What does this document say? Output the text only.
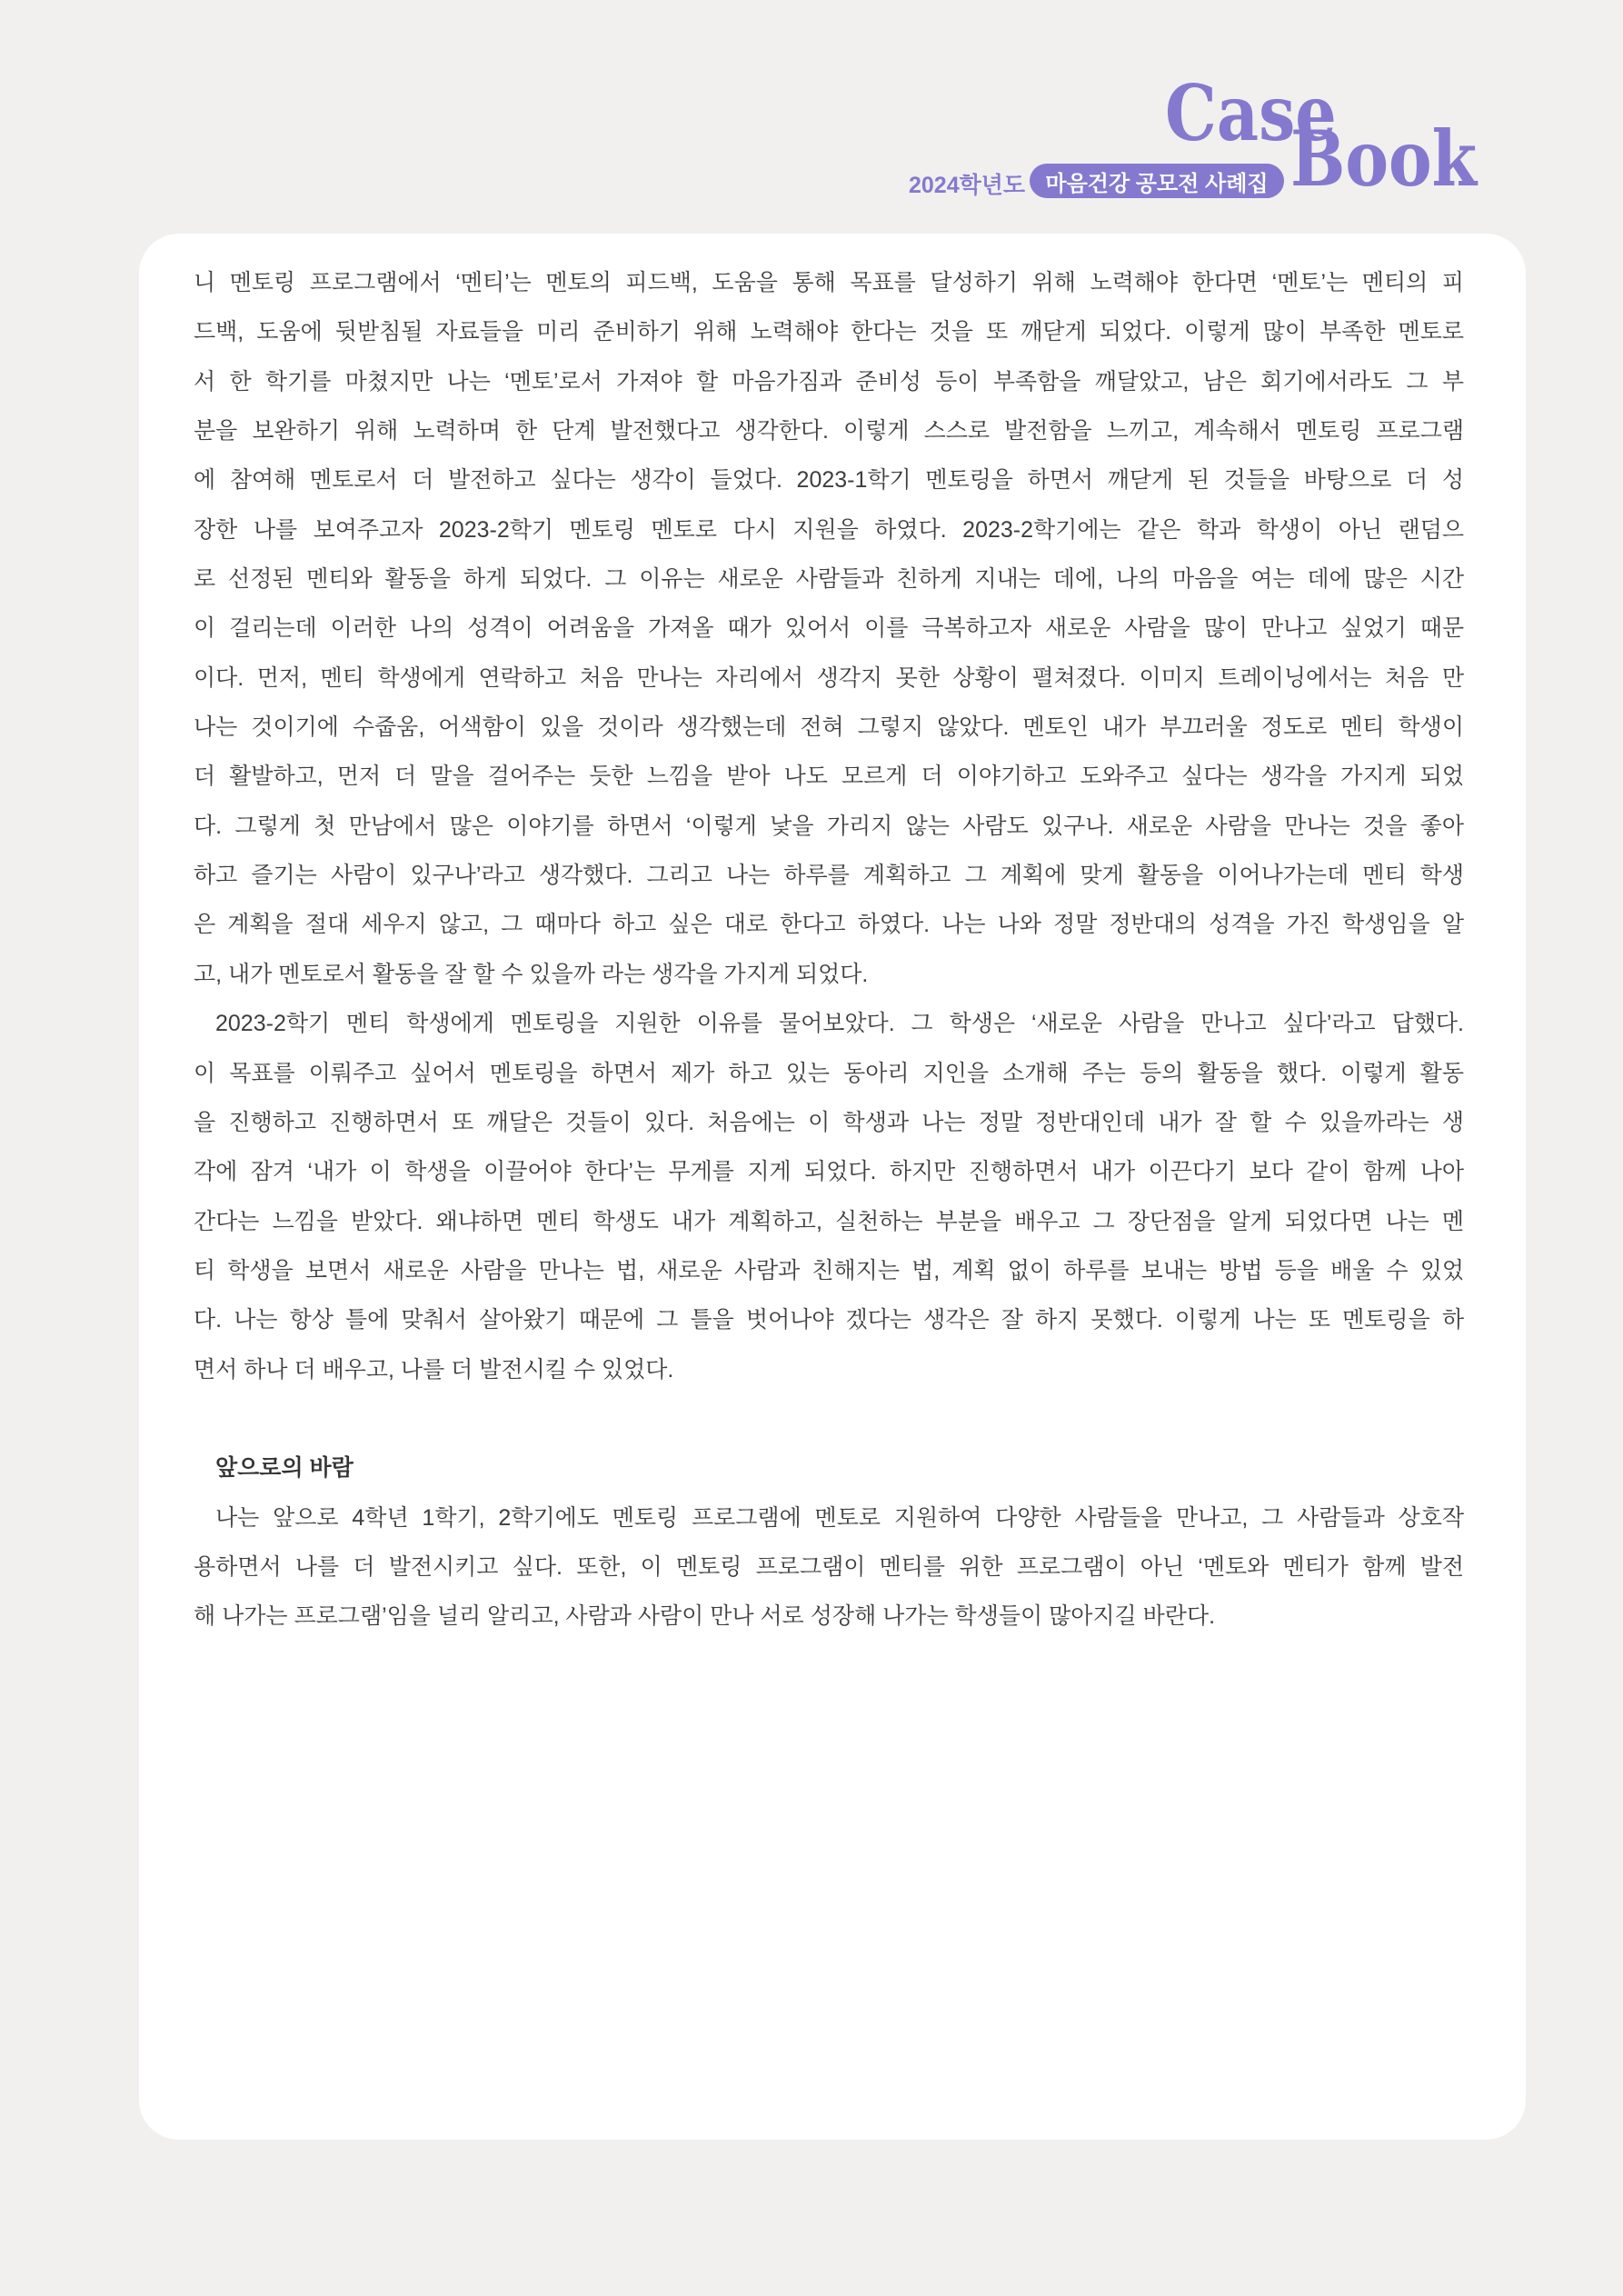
Case
Book
2024학년도 마음건강 공모전 사례집
니 멘토링 프로그램에서 ‘멘티’는 멘토의 피드백, 도움을 통해 목표를 달성하기 위해 노력해야 한다면 ‘멘토’는 멘티의 피
드백, 도움에 뒷받침될 자료들을 미리 준비하기 위해 노력해야 한다는 것을 또 깨닫게 되었다. 이렇게 많이 부족한 멘토로
서 한 학기를 마쳤지만 나는 ‘멘토’로서 가져야 할 마음가짐과 준비성 등이 부족함을 깨달았고, 남은 회기에서라도 그 부
분을 보완하기 위해 노력하며 한 단계 발전했다고 생각한다. 이렇게 스스로 발전함을 느끼고, 계속해서 멘토링 프로그램
에 참여해 멘토로서 더 발전하고 싶다는 생각이 들었다. 2023-1학기 멘토링을 하면서 깨닫게 된 것들을 바탕으로 더 성
장한 나를 보여주고자 2023-2학기 멘토링 멘토로 다시 지원을 하였다. 2023-2학기에는 같은 학과 학생이 아닌 랜덤으
로 선정된 멘티와 활동을 하게 되었다. 그 이유는 새로운 사람들과 친하게 지내는 데에, 나의 마음을 여는 데에 많은 시간
이 걸리는데 이러한 나의 성격이 어려움을 가져올 때가 있어서 이를 극복하고자 새로운 사람을 많이 만나고 싶었기 때문
이다. 먼저, 멘티 학생에게 연락하고 처음 만나는 자리에서 생각지 못한 상황이 펼쳐졌다. 이미지 트레이닝에서는 처음 만
나는 것이기에 수줍움, 어색함이 있을 것이라 생각했는데 전혀 그렇지 않았다. 멘토인 내가 부끄러울 정도로 멘티 학생이
더 활발하고, 먼저 더 말을 걸어주는 듯한 느낌을 받아 나도 모르게 더 이야기하고 도와주고 싶다는 생각을 가지게 되었
다. 그렇게 첫 만남에서 많은 이야기를 하면서 ‘이렇게 낯을 가리지 않는 사람도 있구나. 새로운 사람을 만나는 것을 좋아
하고 즐기는 사람이 있구나’라고 생각했다. 그리고 나는 하루를 계획하고 그 계획에 맞게 활동을 이어나가는데 멘티 학생
은 계획을 절대 세우지 않고, 그 때마다 하고 싶은 대로 한다고 하였다. 나는 나와 정말 정반대의 성격을 가진 학생임을 알
고, 내가 멘토로서 활동을 잘 할 수 있을까 라는 생각을 가지게 되었다.
2023-2학기 멘티 학생에게 멘토링을 지원한 이유를 물어보았다. 그 학생은 ‘새로운 사람을 만나고 싶다’라고 답했다.
이 목표를 이뤄주고 싶어서 멘토링을 하면서 제가 하고 있는 동아리 지인을 소개해 주는 등의 활동을 했다. 이렇게 활동
을 진행하고 진행하면서 또 깨달은 것들이 있다. 처음에는 이 학생과 나는 정말 정반대인데 내가 잘 할 수 있을까라는 생
각에 잠겨 ‘내가 이 학생을 이끌어야 한다’는 무게를 지게 되었다. 하지만 진행하면서 내가 이끈다기 보다 같이 함께 나아
간다는 느낌을 받았다. 왜냐하면 멘티 학생도 내가 계획하고, 실천하는 부분을 배우고 그 장단점을 알게 되었다면 나는 멘
티 학생을 보면서 새로운 사람을 만나는 법, 새로운 사람과 친해지는 법, 계획 없이 하루를 보내는 방법 등을 배울 수 있었
다. 나는 항상 틀에 맞춰서 살아왔기 때문에 그 틀을 벗어나야 겠다는 생각은 잘 하지 못했다. 이렇게 나는 또 멘토링을 하
면서 하나 더 배우고, 나를 더 발전시킬 수 있었다.
앞으로의 바람
나는 앞으로 4학년 1학기, 2학기에도 멘토링 프로그램에 멘토로 지원하여 다양한 사람들을 만나고, 그 사람들과 상호작
용하면서 나를 더 발전시키고 싶다. 또한, 이 멘토링 프로그램이 멘티를 위한 프로그램이 아닌 ‘멘토와 멘티가 함께 발전
해 나가는 프로그램’임을 널리 알리고, 사람과 사람이 만나 서로 성장해 나가는 학생들이 많아지길 바란다.
